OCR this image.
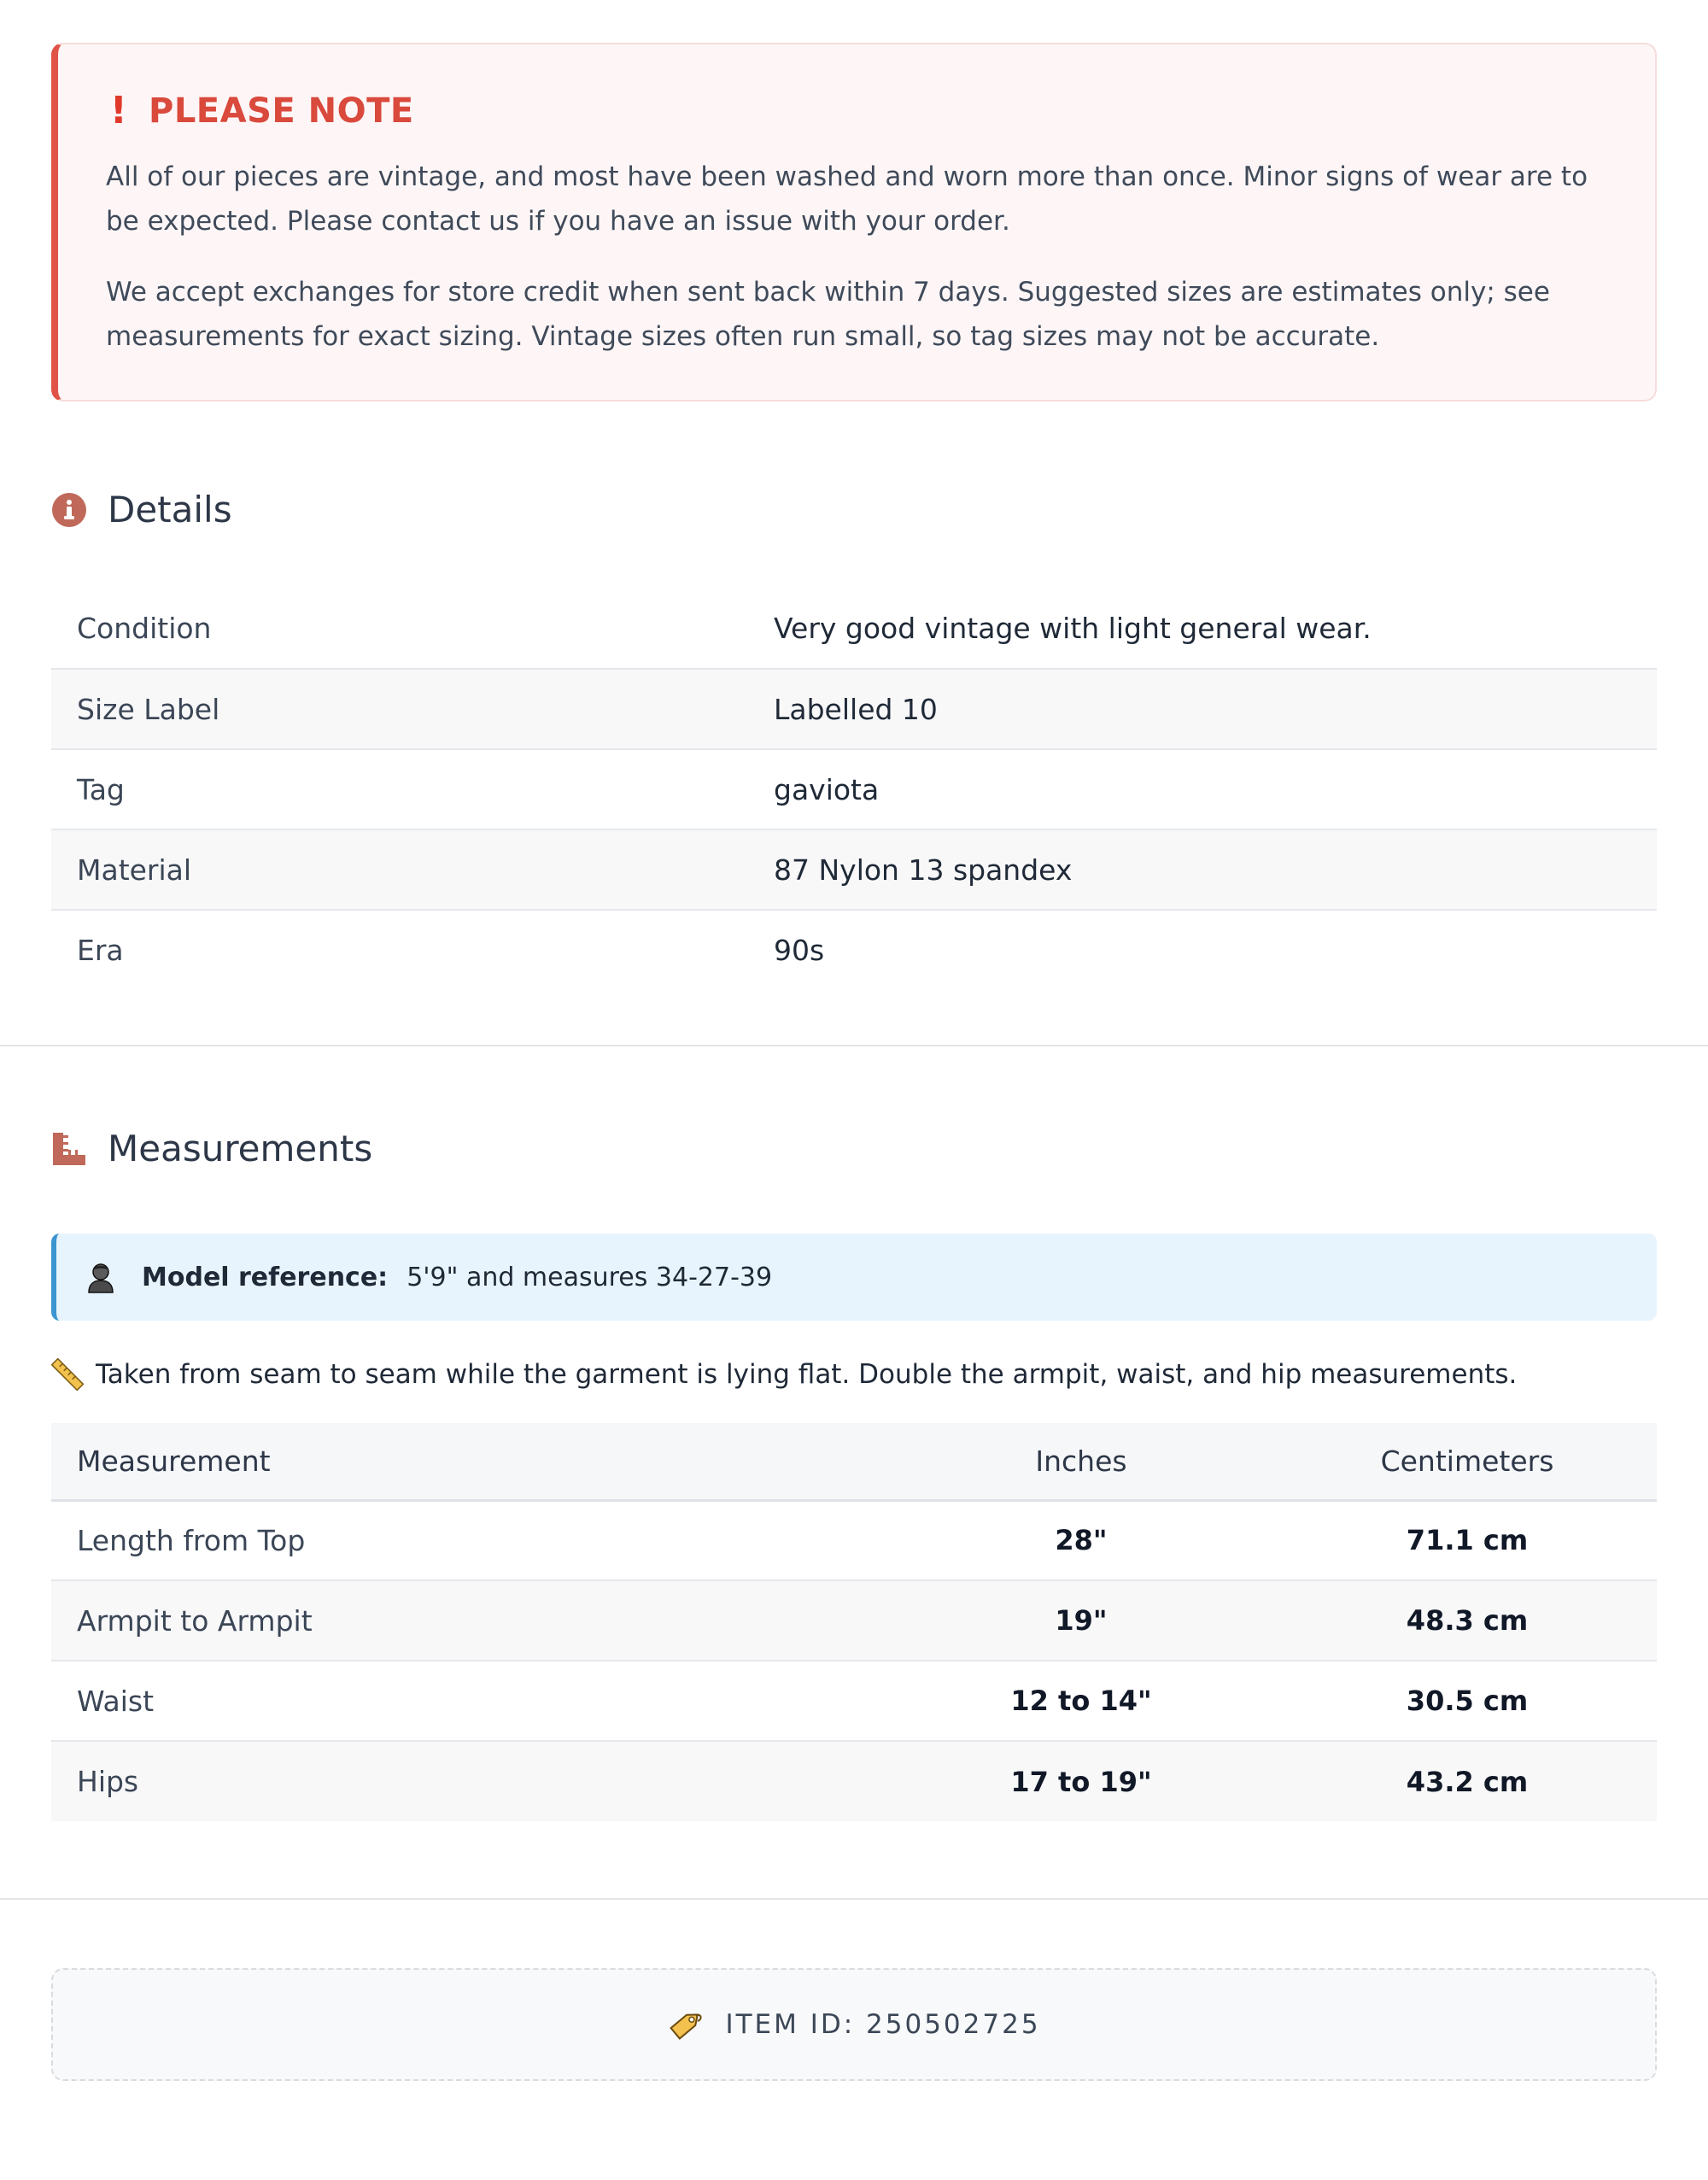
! PLEASE NOTE

All of our pieces are vintage, and most have been washed and worn more than once. Minor signs of wear are to be expected. Please contact us if you have an issue with your order.

We accept exchanges for store credit when sent back within 7 days. Suggested sizes are estimates only; see measurements for exact sizing. Vintage sizes often run small, so tag sizes may not be accurate.

Details
Condition	Very good vintage with light general wear.
Size Label	Labelled 10
Tag	gaviota
Material	87 Nylon 13 spandex
Era	90s
Measurements
Model reference: 5'9" and measures 34-27-39
Taken from seam to seam while the garment is lying flat. Double the armpit, waist, and hip measurements.
Measurement	Inches	Centimeters
Length from Top	28"	71.1 cm
Armpit to Armpit	19"	48.3 cm
Waist	12 to 14"	30.5 cm
Hips	17 to 19"	43.2 cm
ITEM ID: 250502725
